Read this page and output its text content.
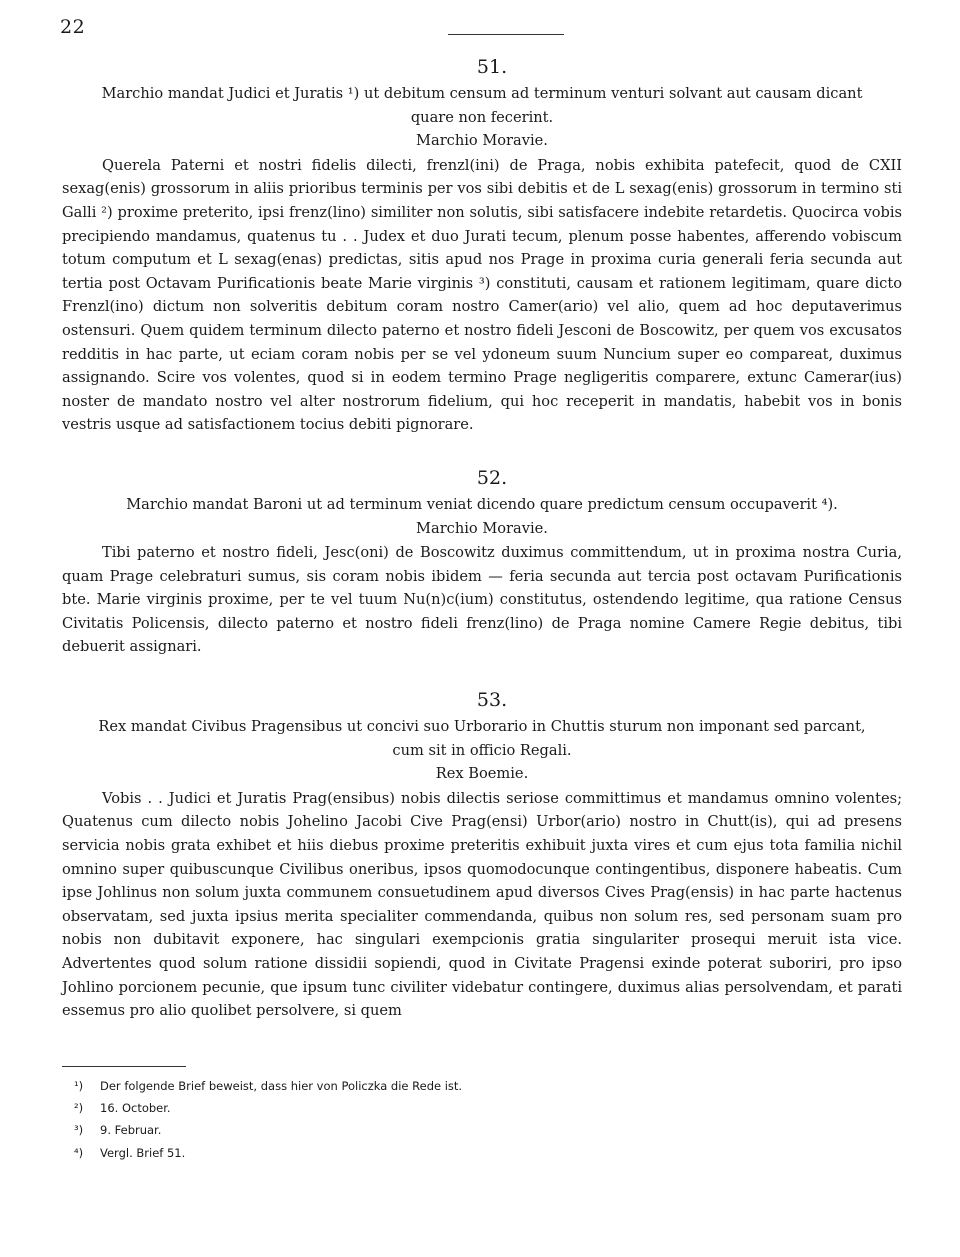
22
51.
Marchio mandat Judici et Juratis ¹) ut debitum censum ad terminum venturi solvant aut causam dicant quare non fecerint.
Marchio Moravie.

Querela Paterni et nostri fidelis dilecti, frenzl(ini) de Praga, nobis exhibita patefecit, quod de CXII sexag(enis) grossorum in aliis prioribus terminis per vos sibi debitis et de L sexag(enis) grossorum in termino sti Galli ²) proxime preterito, ipsi frenz(lino) similiter non solutis, sibi satisfacere indebite retardetis. Quocirca vobis precipiendo mandamus, quatenus tu . . Judex et duo Jurati tecum, plenum posse habentes, afferendo vobiscum totum computum et L sexag(enas) predictas, sitis apud nos Prage in proxima curia generali feria secunda aut tertia post Octavam Purificationis beate Marie virginis ³) constituti, causam et rationem legitimam, quare dicto Frenzl(ino) dictum non solveritis debitum coram nostro Camer(ario) vel alio, quem ad hoc deputaverimus ostensuri. Quem quidem terminum dilecto paterno et nostro fideli Jesconi de Boscowitz, per quem vos excusatos redditis in hac parte, ut eciam coram nobis per se vel ydoneum suum Nuncium super eo compareat, duximus assignando. Scire vos volentes, quod si in eodem termino Prage negligeritis comparere, extunc Camerar(ius) noster de mandato nostro vel alter nostrorum fidelium, qui hoc receperit in mandatis, habebit vos in bonis vestris usque ad satisfactionem tocius debiti pignorare.

52.
Marchio mandat Baroni ut ad terminum veniat dicendo quare predictum censum occupaverit ⁴).
Marchio Moravie.

Tibi paterno et nostro fideli, Jesc(oni) de Boscowitz duximus committendum, ut in proxima nostra Curia, quam Prage celebraturi sumus, sis coram nobis ibidem — feria secunda aut tercia post octavam Purificationis bte. Marie virginis proxime, per te vel tuum Nu(n)c(ium) constitutus, ostendendo legitime, qua ratione Census Civitatis Policensis, dilecto paterno et nostro fideli frenz(lino) de Praga nomine Camere Regie debitus, tibi debuerit assignari.

53.
Rex mandat Civibus Pragensibus ut concivi suo Urborario in Chuttis sturum non imponant sed parcant, cum sit in officio Regali.
Rex Boemie.

Vobis . . Judici et Juratis Prag(ensibus) nobis dilectis seriose committimus et mandamus omnino volentes; Quatenus cum dilecto nobis Johelino Jacobi Cive Prag(ensi) Urbor(ario) nostro in Chutt(is), qui ad presens servicia nobis grata exhibet et hiis diebus proxime preteritis exhibuit juxta vires et cum ejus tota familia nichil omnino super quibuscunque Civilibus oneribus, ipsos quomodocunque contingentibus, disponere habeatis. Cum ipse Johlinus non solum juxta communem consuetudinem apud diversos Cives Prag(ensis) in hac parte hactenus observatam, sed juxta ipsius merita specialiter commendanda, quibus non solum res, sed personam suam pro nobis non dubitavit exponere, hac singulari exempcionis gratia singulariter prosequi meruit ista vice. Advertentes quod solum ratione dissidii sopiendi, quod in Civitate Pragensi exinde poterat suboriri, pro ipso Johlino porcionem pecunie, que ipsum tunc civiliter videbatur contingere, duximus alias persolvendam, et parati essemus pro alio quolibet persolvere, si quem

¹)	Der folgende Brief beweist, dass hier von Policzka die Rede ist.
²)	16. October.
³)	9. Februar.
⁴)	Vergl. Brief 51.
